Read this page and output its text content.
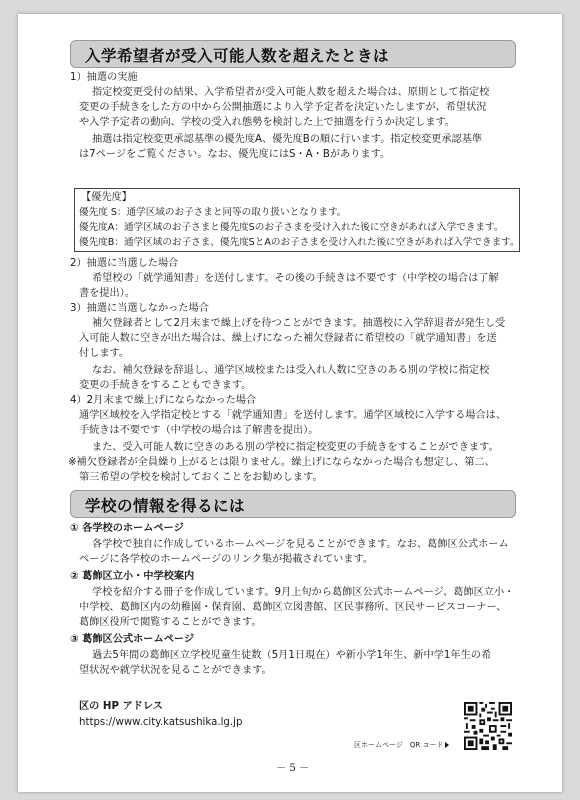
入学希望者が受入可能人数を超えたときは
1）抽選の実施
指定校変更受付の結果、入学希望者が受入可能人数を超えた場合は、原則として指定校
変更の手続きをした方の中から公開抽選により入学予定者を決定いたしますが、希望状況
や入学予定者の動向、学校の受入れ態勢を検討した上で抽選を行うか決定します。
抽選は指定校変更承認基準の優先度A、優先度Bの順に行います。指定校変更承認基準
は7ページをご覧ください。なお、優先度にはS・A・Bがあります。
【優先度】
優先度 S：通学区域のお子さまと同等の取り扱いとなります。
優先度A：通学区域のお子さまと優先度Sのお子さまを受け入れた後に空きがあれば入学できます。
優先度B：通学区域のお子さま、優先度SとAのお子さまを受け入れた後に空きがあれば入学できます。
2）抽選に当選した場合
希望校の「就学通知書」を送付します。その後の手続きは不要です（中学校の場合は了解
書を提出）。
3）抽選に当選しなかった場合
補欠登録者として2月末まで繰上げを待つことができます。抽選校に入学辞退者が発生し受
入可能人数に空きが出た場合は、繰上げになった補欠登録者に希望校の「就学通知書」を送
付します。
なお、補欠登録を辞退し、通学区域校または受入れ人数に空きのある別の学校に指定校
変更の手続きをすることもできます。
4）2月末まで繰上げにならなかった場合
通学区域校を入学指定校とする「就学通知書」を送付します。通学区域校に入学する場合は、
手続きは不要です（中学校の場合は了解書を提出）。
また、受入可能人数に空きのある別の学校に指定校変更の手続きをすることができます。
※補欠登録者が全員繰り上がるとは限りません。繰上げにならなかった場合も想定し、第二、
第三希望の学校を検討しておくことをお勧めします。
学校の情報を得るには
① 各学校のホームページ
各学校で独自に作成しているホームページを見ることができます。なお、葛飾区公式ホーム
ページに各学校のホームページのリンク集が掲載されています。
② 葛飾区立小・中学校案内
学校を紹介する冊子を作成しています。9月上旬から葛飾区公式ホームページ、葛飾区立小・
中学校、葛飾区内の幼稚園・保育園、葛飾区立図書館、区民事務所、区民サービスコーナー、
葛飾区役所で閲覧することができます。
③ 葛飾区公式ホームページ
過去5年間の葛飾区立学校児童生徒数（5月1日現在）や新小学1年生、新中学1年生の希
望状況や就学状況を見ることができます。
区の HP アドレス
https://www.city.katsushika.lg.jp
区ホームページ　QR コード
－ 5 －
